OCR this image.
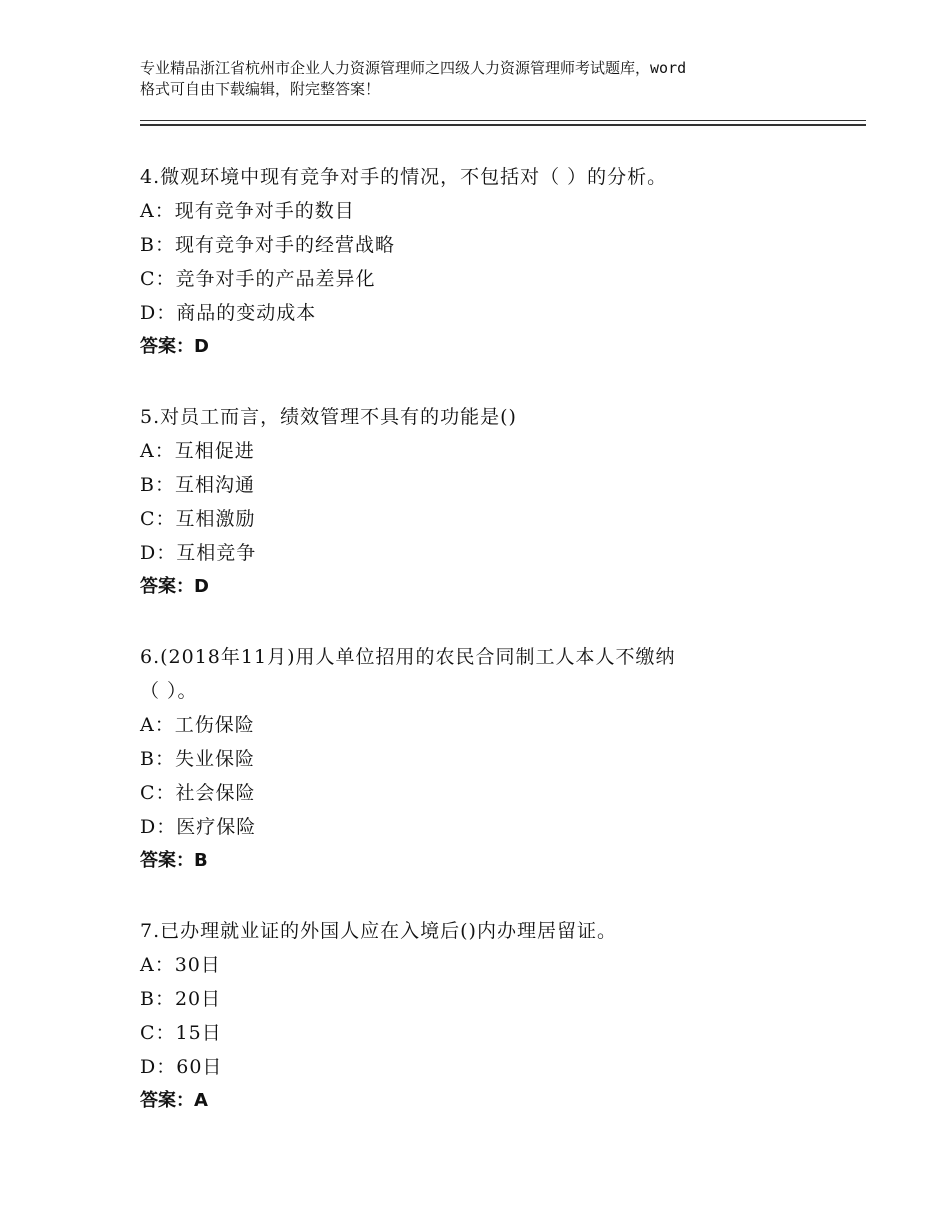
专业精品浙江省杭州市企业人力资源管理师之四级人力资源管理师考试题库，word
格式可自由下载编辑，附完整答案！
4.微观环境中现有竞争对手的情况，不包括对（ ）的分析。
A：现有竞争对手的数目
B：现有竞争对手的经营战略
C：竞争对手的产品差异化
D：商品的变动成本
答案：D
5.对员工而言，绩效管理不具有的功能是()
A：互相促进
B：互相沟通
C：互相激励
D：互相竞争
答案：D
6.(2018年11月)用人单位招用的农民合同制工人本人不缴纳
（ ）。
A：工伤保险
B：失业保险
C：社会保险
D：医疗保险
答案：B
7.已办理就业证的外国人应在入境后()内办理居留证。
A：30日
B：20日
C：15日
D：60日
答案：A
